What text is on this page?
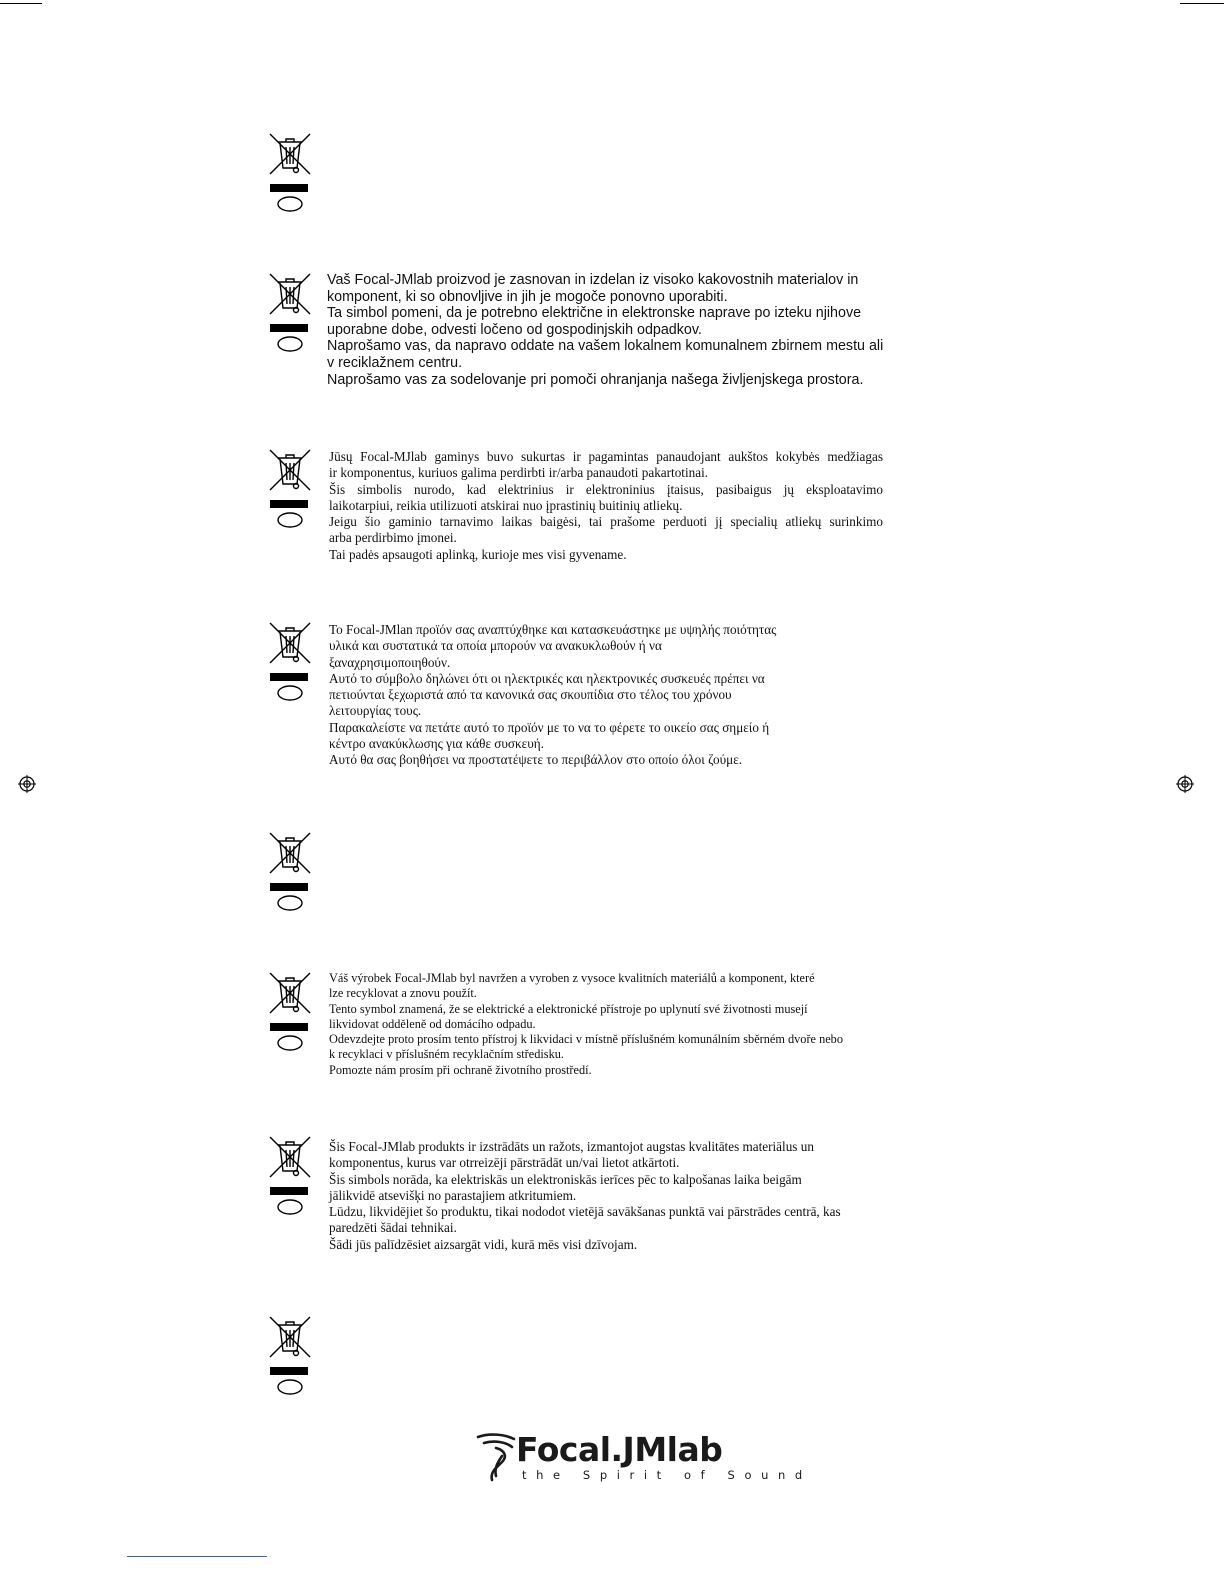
Vaš Focal-JMlab proizvod je zasnovan in izdelan iz visoko kakovostnih materialov in

komponent, ki so obnovljive in jih je mogoče ponovno uporabiti.

Ta simbol pomeni, da je potrebno električne in elektronske naprave po izteku njihove

uporabne dobe, odvesti ločeno od gospodinjskih odpadkov.

Naprošamo vas, da napravo oddate na vašem lokalnem komunalnem zbirnem mestu ali

v reciklažnem centru.

Naprošamo vas za sodelovanje pri pomoči ohranjanja našega življenjskega prostora.

Jūsų Focal-MJlab gaminys buvo sukurtas ir pagamintas panaudojant aukštos kokybės medžiagas

ir komponentus, kuriuos galima perdirbti ir/arba panaudoti pakartotinai.

Šis simbolis nurodo, kad elektrinius ir elektroninius įtaisus, pasibaigus jų eksploatavimo

laikotarpiui, reikia utilizuoti atskirai nuo įprastinių buitinių atliekų.

Jeigu šio gaminio tarnavimo laikas baigėsi, tai prašome perduoti jį specialių atliekų surinkimo

arba perdirbimo įmonei.

Tai padės apsaugoti aplinką, kurioje mes visi gyvename.

Το Focal-JMlan προϊόν σας αναπτύχθηκε και κατασκευάστηκε με υψηλής ποιότητας

υλικά και συστατικά τα οποία μπορούν να ανακυκλωθούν ή να

ξαναχρησιμοποιηθούν.

Αυτό το σύμβολο δηλώνει ότι οι ηλεκτρικές και ηλεκτρονικές συσκευές πρέπει να

πετιούνται ξεχωριστά από τα κανονικά σας σκουπίδια στο τέλος του χρόνου

λειτουργίας τους.

Παρακαλείστε να πετάτε αυτό το προϊόν με το να το φέρετε το οικείο σας σημείο ή

κέντρο ανακύκλωσης για κάθε συσκευή.

Αυτό θα σας βοηθήσει να προστατέψετε το περιβάλλον στο οποίο όλοι ζούμε.

Váš výrobek Focal-JMlab byl navržen a vyroben z vysoce kvalitních materiálů a komponent, které

lze recyklovat a znovu použít.

Tento symbol znamená, že se elektrické a elektronické přístroje po uplynutí své životnosti musejí

likvidovat odděleně od domácího odpadu.

Odevzdejte proto prosím tento přístroj k likvidaci v místně příslušném komunálním sběrném dvoře nebo

k recyklaci v příslušném recyklačním středisku.

Pomozte nám prosím při ochraně životního prostředí.

Šis Focal-JMlab produkts ir izstrādāts un ražots, izmantojot augstas kvalitātes materiālus un

komponentus, kurus var otrreizēji pārstrādāt un/vai lietot atkārtoti.

Šis simbols norāda, ka elektriskās un elektroniskās ierīces pēc to kalpošanas laika beigām

jālikvidē atsevišķi no parastajiem atkritumiem.

Lūdzu, likvidējiet šo produktu, tikai nododot vietējā savākšanas punktā vai pārstrādes centrā, kas

paredzēti šādai tehnikai.

Šādi jūs palīdzēsiet aizsargāt vidi, kurā mēs visi dzīvojam.

Focal.JMlab
the Spirit of Sound
